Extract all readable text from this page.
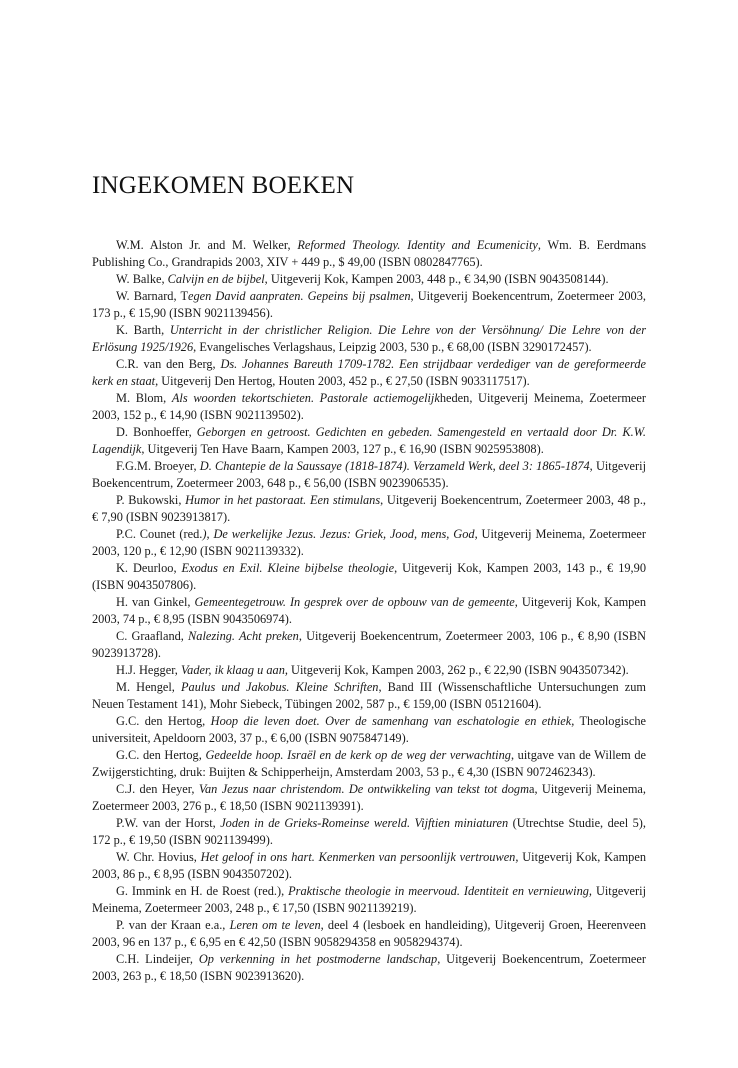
INGEKOMEN BOEKEN

W.M. Alston Jr. and M. Welker, Reformed Theology. Identity and Ecumenicity, Wm. B. Eerdmans Publishing Co., Grandrapids 2003, XIV + 449 p., $ 49,00 (ISBN 0802847765).

W. Balke, Calvijn en de bijbel, Uitgeverij Kok, Kampen 2003, 448 p., € 34,90 (ISBN 9043508144).

W. Barnard, Tegen David aanpraten. Gepeins bij psalmen, Uitgeverij Boekencentrum, Zoetermeer 2003, 173 p., € 15,90 (ISBN 9021139456).

K. Barth, Unterricht in der christlicher Religion. Die Lehre von der Versöhnung/ Die Lehre von der Erlösung 1925/1926, Evangelisches Verlagshaus, Leipzig 2003, 530 p., € 68,00 (ISBN 3290172457).

C.R. van den Berg, Ds. Johannes Bareuth 1709-1782. Een strijdbaar verdediger van de gereformeerde kerk en staat, Uitgeverij Den Hertog, Houten 2003, 452 p., € 27,50 (ISBN 9033117517).

M. Blom, Als woorden tekortschieten. Pastorale actiemogelijkheden, Uitgeverij Meinema, Zoetermeer 2003, 152 p., € 14,90 (ISBN 9021139502).

D. Bonhoeffer, Geborgen en getroost. Gedichten en gebeden. Samengesteld en vertaald door Dr. K.W. Lagendijk, Uitgeverij Ten Have Baarn, Kampen 2003, 127 p., € 16,90 (ISBN 9025953808).

F.G.M. Broeyer, D. Chantepie de la Saussaye (1818-1874). Verzameld Werk, deel 3: 1865-1874, Uitgeverij Boekencentrum, Zoetermeer 2003, 648 p., € 56,00 (ISBN 9023906535).

P. Bukowski, Humor in het pastoraat. Een stimulans, Uitgeverij Boekencentrum, Zoetermeer 2003, 48 p., € 7,90 (ISBN 9023913817).

P.C. Counet (red.), De werkelijke Jezus. Jezus: Griek, Jood, mens, God, Uitgeverij Meinema, Zoetermeer 2003, 120 p., € 12,90 (ISBN 9021139332).

K. Deurloo, Exodus en Exil. Kleine bijbelse theologie, Uitgeverij Kok, Kampen 2003, 143 p., € 19,90 (ISBN 9043507806).

H. van Ginkel, Gemeentegetrouw. In gesprek over de opbouw van de gemeente, Uitgeverij Kok, Kampen 2003, 74 p., € 8,95 (ISBN 9043506974).

C. Graafland, Nalezing. Acht preken, Uitgeverij Boekencentrum, Zoetermeer 2003, 106 p., € 8,90 (ISBN 9023913728).

H.J. Hegger, Vader, ik klaag u aan, Uitgeverij Kok, Kampen 2003, 262 p., € 22,90 (ISBN 9043507342).

M. Hengel, Paulus und Jakobus. Kleine Schriften, Band III (Wissenschaftliche Untersuchungen zum Neuen Testament 141), Mohr Siebeck, Tübingen 2002, 587 p., € 159,00 (ISBN 05121604).

G.C. den Hertog, Hoop die leven doet. Over de samenhang van eschatologie en ethiek, Theologische universiteit, Apeldoorn 2003, 37 p., € 6,00 (ISBN 9075847149).

G.C. den Hertog, Gedeelde hoop. Israël en de kerk op de weg der verwachting, uitgave van de Willem de Zwijgerstichting, druk: Buijten & Schipperheijn, Amsterdam 2003, 53 p., € 4,30 (ISBN 9072462343).

C.J. den Heyer, Van Jezus naar christendom. De ontwikkeling van tekst tot dogma, Uitgeverij Meinema, Zoetermeer 2003, 276 p., € 18,50 (ISBN 9021139391).

P.W. van der Horst, Joden in de Grieks-Romeinse wereld. Vijftien miniaturen (Utrechtse Studie, deel 5), 172 p., € 19,50 (ISBN 9021139499).

W. Chr. Hovius, Het geloof in ons hart. Kenmerken van persoonlijk vertrouwen, Uitgeverij Kok, Kampen 2003, 86 p., € 8,95 (ISBN 9043507202).

G. Immink en H. de Roest (red.), Praktische theologie in meervoud. Identiteit en vernieuwing, Uitgeverij Meinema, Zoetermeer 2003, 248 p., € 17,50 (ISBN 9021139219).

P. van der Kraan e.a., Leren om te leven, deel 4 (lesboek en handleiding), Uitgeverij Groen, Heerenveen 2003, 96 en 137 p., € 6,95 en € 42,50 (ISBN 9058294358 en 9058294374).

C.H. Lindeijer, Op verkenning in het postmoderne landschap, Uitgeverij Boekencentrum, Zoetermeer 2003, 263 p., € 18,50 (ISBN 9023913620).
